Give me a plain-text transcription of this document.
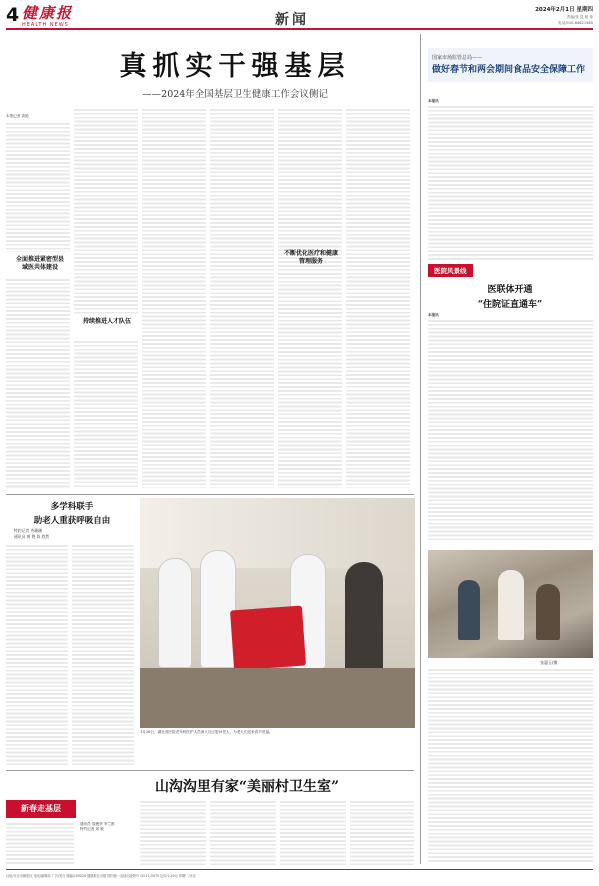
4 健康报
HEALTH NEWS	新闻
2024年2月1日 星期四
责编/张 昆 相 伟
电话/010-64621585
真抓实干强基层
——2024年全国基层卫生健康工作会议侧记
本报记者 高艳
全面推进紧密型县域医共体建设
持续推进人才队伍
不断优化医疗和健康管理服务
国家市场监管总局——
做好春节和两会期间食品安全保障工作
本报讯
医院风景线
医联体开通
“住院证直通车”
本报讯
张惠玉/摄
多学科联手
助老人重获呼吸自由
特约记者 齐珊珊
通讯员 黄 艳 陈 欣然
1月26日，湖北省医院老年科医护人员深入社区慰问老人，为老人们送来春节祝福。
新春走基层
山沟沟里有家“美丽村卫生室”
通讯员 周俊华 李兰都
特约记者 刘 敏
社址/北京市朝阳区 电话/编辑部 广告/发行 邮编/100020 健康报社出版 国内统一连续出版物号 CN 11-0075 定价/1.50元 印刷厂/北京
